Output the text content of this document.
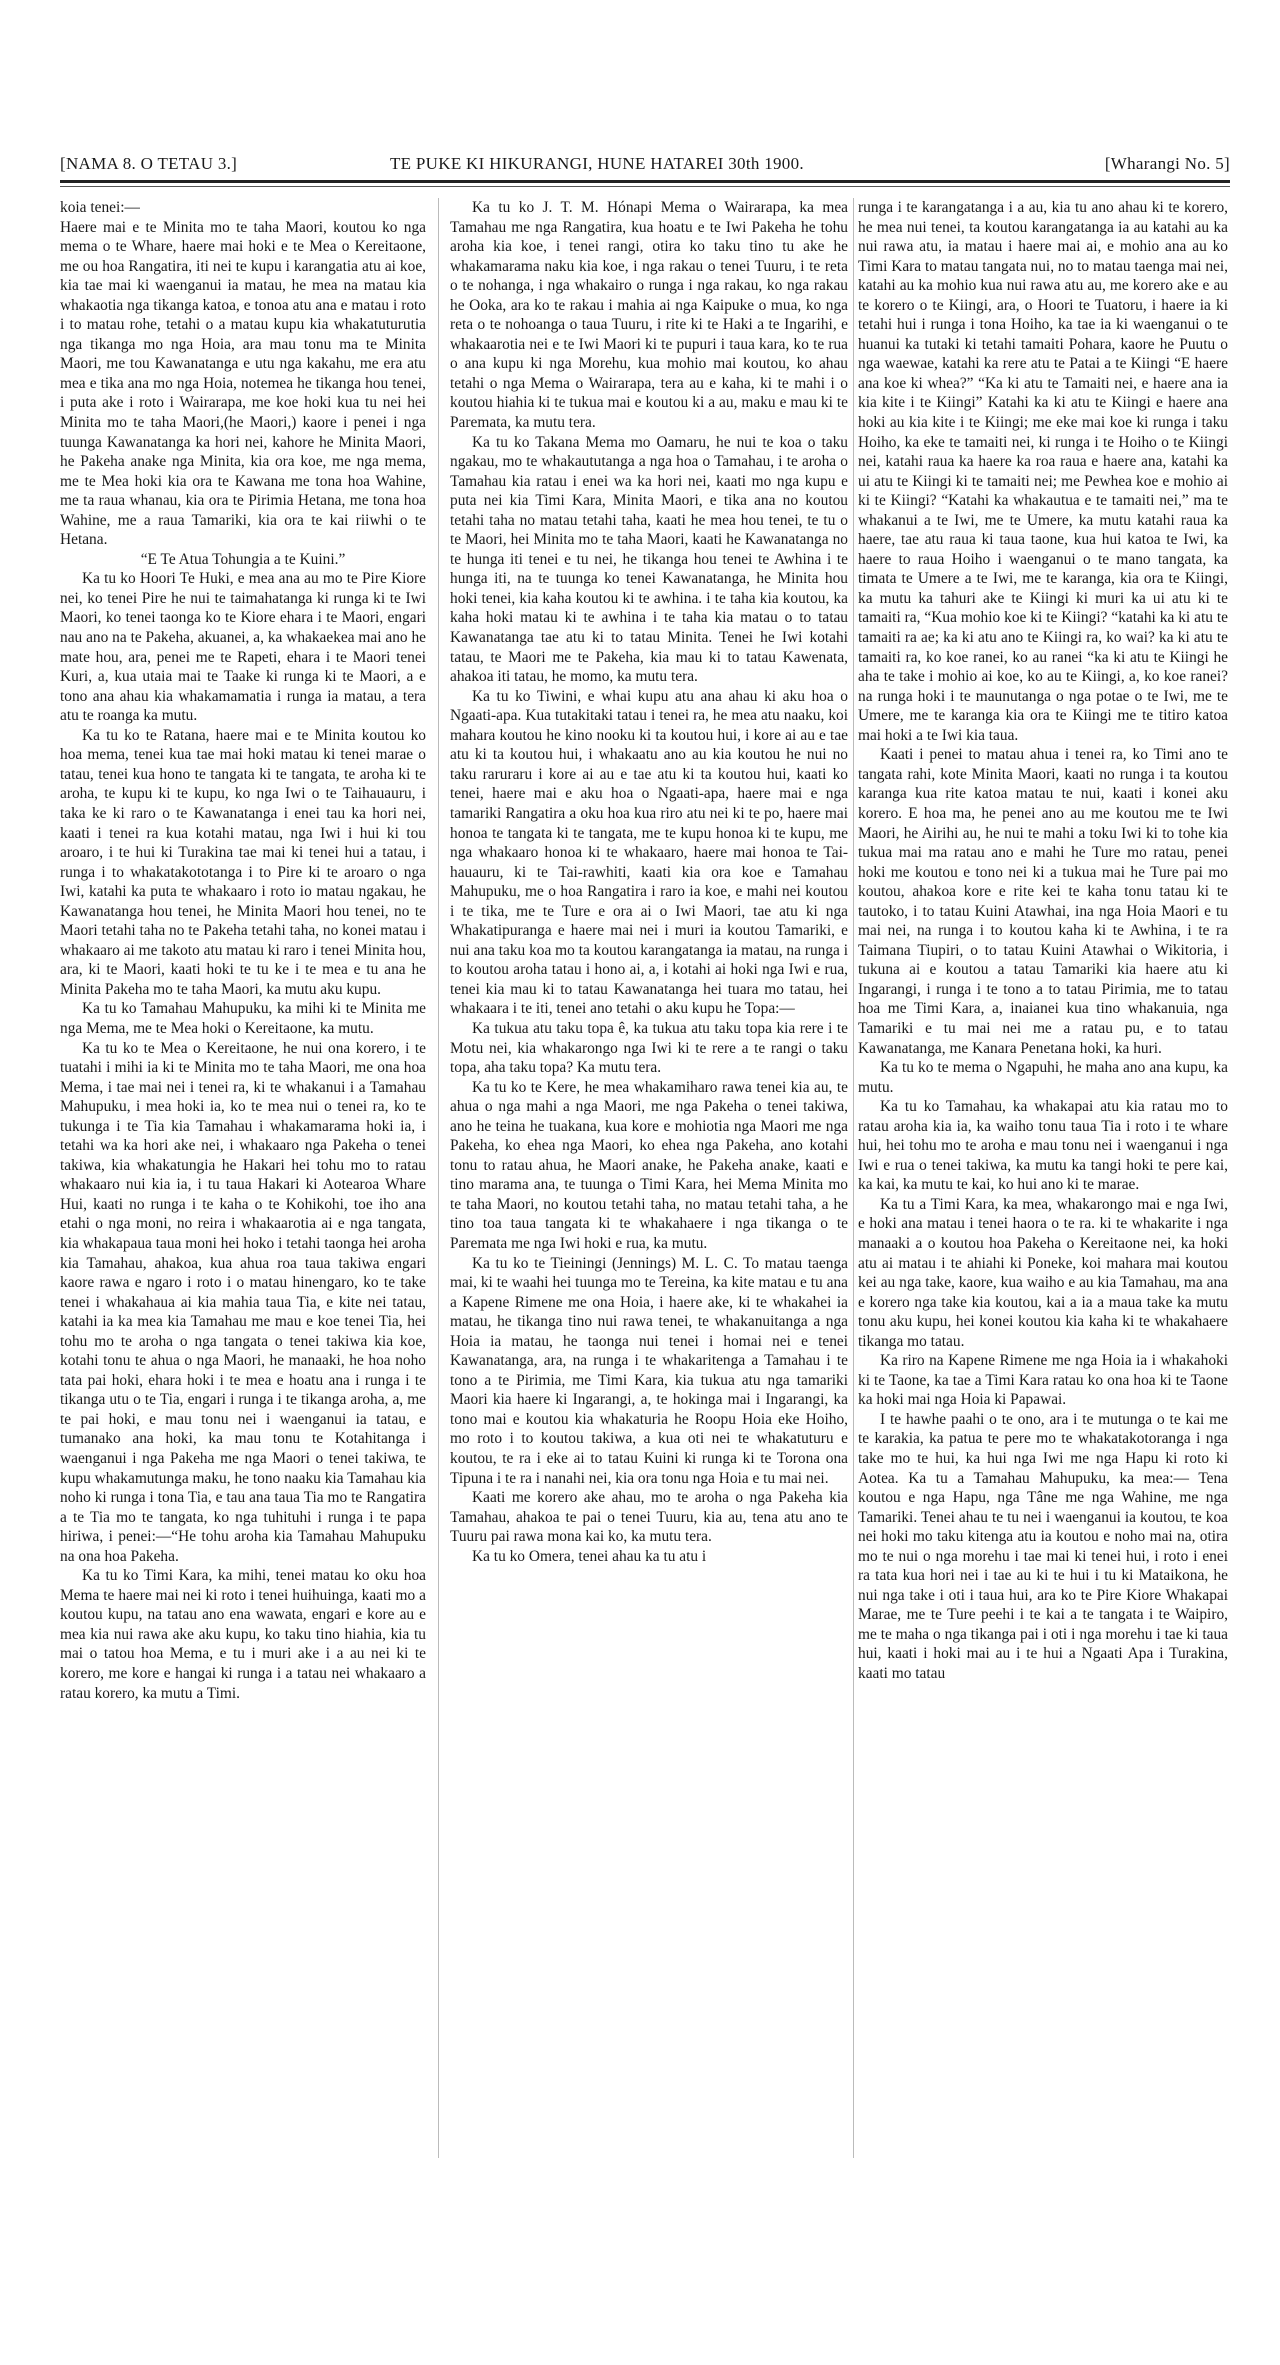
[NAMA 8. O TETAU 3.]	TE PUKE KI HIKURANGI, HUNE HATAREI 30th 1900.	[Wharangi No. 5]

koia tenei:—

Haere mai e te Minita mo te taha Maori, koutou ko nga mema o te Whare, haere mai hoki e te Mea o Kereitaone, me ou hoa Rangatira, iti nei te kupu i karangatia atu ai koe, kia tae mai ki waenganui ia matau, he mea na matau kia whakaotia nga tikanga katoa, e tonoa atu ana e matau i roto i to matau rohe, tetahi o a matau kupu kia whakatuturutia nga tikanga mo nga Hoia, ara mau tonu ma te Minita Maori, me tou Kawanatanga e utu nga kakahu, me era atu mea e tika ana mo nga Hoia, notemea he tikanga hou tenei, i puta ake i roto i Wairarapa, me koe hoki kua tu nei hei Minita mo te taha Maori,(he Maori,) kaore i penei i nga tuunga Kawanatanga ka hori nei, kahore he Minita Maori, he Pakeha anake nga Minita, kia ora koe, me nga mema, me te Mea hoki kia ora te Kawana me tona hoa Wahine, me ta raua whanau, kia ora te Pirimia Hetana, me tona hoa Wahine, me a raua Tamariki, kia ora te kai riiwhi o te Hetana.

“E Te Atua Tohungia a te Kuini.”

Ka tu ko Hoori Te Huki, e mea ana au mo te Pire Kiore nei, ko tenei Pire he nui te taimahatanga ki runga ki te Iwi Maori, ko tenei taonga ko te Kiore ehara i te Maori, engari nau ano na te Pakeha, akuanei, a, ka whakaekea mai ano he mate hou, ara, penei me te Rapeti, ehara i te Maori tenei Kuri, a, kua utaia mai te Taake ki runga ki te Maori, a e tono ana ahau kia whakamamatia i runga ia matau, a tera atu te roanga ka mutu.

Ka tu ko te Ratana, haere mai e te Minita koutou ko hoa mema, tenei kua tae mai hoki matau ki tenei marae o tatau, tenei kua hono te tangata ki te tangata, te aroha ki te aroha, te kupu ki te kupu, ko nga Iwi o te Taihauauru, i taka ke ki raro o te Kawanatanga i enei tau ka hori nei, kaati i tenei ra kua kotahi matau, nga Iwi i hui ki tou aroaro, i te hui ki Turakina tae mai ki tenei hui a tatau, i runga i to whakatakototanga i to Pire ki te aroaro o nga Iwi, katahi ka puta te whakaaro i roto io matau ngakau, he Kawanatanga hou tenei, he Minita Maori hou tenei, no te Maori tetahi taha no te Pakeha tetahi taha, no konei matau i whakaaro ai me takoto atu matau ki raro i tenei Minita hou, ara, ki te Maori, kaati hoki te tu ke i te mea e tu ana he Minita Pakeha mo te taha Maori, ka mutu aku kupu.

Ka tu ko Tamahau Mahupuku, ka mihi ki te Minita me nga Mema, me te Mea hoki o Kereitaone, ka mutu.

Ka tu ko te Mea o Kereitaone, he nui ona korero, i te tuatahi i mihi ia ki te Minita mo te taha Maori, me ona hoa Mema, i tae mai nei i tenei ra, ki te whakanui i a Tamahau Mahupuku, i mea hoki ia, ko te mea nui o tenei ra, ko te tukunga i te Tia kia Tamahau i whakamarama hoki ia, i tetahi wa ka hori ake nei, i whakaaro nga Pakeha o tenei takiwa, kia whakatungia he Hakari hei tohu mo to ratau whakaaro nui kia ia, i tu taua Hakari ki Aotearoa Whare Hui, kaati no runga i te kaha o te Kohikohi, toe iho ana etahi o nga moni, no reira i whakaarotia ai e nga tangata, kia whakapaua taua moni hei hoko i tetahi taonga hei aroha kia Tamahau, ahakoa, kua ahua roa taua takiwa engari kaore rawa e ngaro i roto i o matau hinengaro, ko te take tenei i whakahaua ai kia mahia taua Tia, e kite nei tatau, katahi ia ka mea kia Tamahau me mau e koe tenei Tia, hei tohu mo te aroha o nga tangata o tenei takiwa kia koe, kotahi tonu te ahua o nga Maori, he manaaki, he hoa noho tata pai hoki, ehara hoki i te mea e hoatu ana i runga i te tikanga utu o te Tia, engari i runga i te tikanga aroha, a, me te pai hoki, e mau tonu nei i waenganui ia tatau, e tumanako ana hoki, ka mau tonu te Kotahitanga i waenganui i nga Pakeha me nga Maori o tenei takiwa, te kupu whakamutunga maku, he tono naaku kia Tamahau kia noho ki runga i tona Tia, e tau ana taua Tia mo te Rangatira a te Tia mo te tangata, ko nga tuhituhi i runga i te papa hiriwa, i penei:—“He tohu aroha kia Tamahau Mahupuku na ona hoa Pakeha.

Ka tu ko Timi Kara, ka mihi, tenei matau ko oku hoa Mema te haere mai nei ki roto i tenei huihuinga, kaati mo a koutou kupu, na tatau ano ena wawata, engari e kore au e mea kia nui rawa ake aku kupu, ko taku tino hiahia, kia tu mai o tatou hoa Mema, e tu i muri ake i a au nei ki te korero, me kore e hangai ki runga i a tatau nei whakaaro a ratau korero, ka mutu a Timi.

Ka tu ko J. T. M. Hónapi Mema o Wairarapa, ka mea Tamahau me nga Rangatira, kua hoatu e te Iwi Pakeha he tohu aroha kia koe, i tenei rangi, otira ko taku tino tu ake he whakamarama naku kia koe, i nga rakau o tenei Tuuru, i te reta o te nohanga, i nga whakairo o runga i nga rakau, ko nga rakau he Ooka, ara ko te rakau i mahia ai nga Kaipuke o mua, ko nga reta o te nohoanga o taua Tuuru, i rite ki te Haki a te Ingarihi, e whakaarotia nei e te Iwi Maori ki te pupuri i taua kara, ko te rua o ana kupu ki nga Morehu, kua mohio mai koutou, ko ahau tetahi o nga Mema o Wairarapa, tera au e kaha, ki te mahi i o koutou hiahia ki te tukua mai e koutou ki a au, maku e mau ki te Paremata, ka mutu tera.

Ka tu ko Takana Mema mo Oamaru, he nui te koa o taku ngakau, mo te whakaututanga a nga hoa o Tamahau, i te aroha o Tamahau kia ratau i enei wa ka hori nei, kaati mo nga kupu e puta nei kia Timi Kara, Minita Maori, e tika ana no koutou tetahi taha no matau tetahi taha, kaati he mea hou tenei, te tu o te Maori, hei Minita mo te taha Maori, kaati he Kawanatanga no te hunga iti tenei e tu nei, he tikanga hou tenei te Awhina i te hunga iti, na te tuunga ko tenei Kawanatanga, he Minita hou hoki tenei, kia kaha koutou ki te awhina. i te taha kia koutou, ka kaha hoki matau ki te awhina i te taha kia matau o to tatau Kawanatanga tae atu ki to tatau Minita. Tenei he Iwi kotahi tatau, te Maori me te Pakeha, kia mau ki to tatau Kawenata, ahakoa iti tatau, he momo, ka mutu tera.

Ka tu ko Tiwini, e whai kupu atu ana ahau ki aku hoa o Ngaati-apa. Kua tutakitaki tatau i tenei ra, he mea atu naaku, koi mahara koutou he kino nooku ki ta koutou hui, i kore ai au e tae atu ki ta koutou hui, i whakaatu ano au kia koutou he nui no taku raruraru i kore ai au e tae atu ki ta koutou hui, kaati ko tenei, haere mai e aku hoa o Ngaati-apa, haere mai e nga tamariki Rangatira a oku hoa kua riro atu nei ki te po, haere mai honoa te tangata ki te tangata, me te kupu honoa ki te kupu, me nga whakaaro honoa ki te whakaaro, haere mai honoa te Tai-hauauru, ki te Tai-rawhiti, kaati kia ora koe e Tamahau Mahupuku, me o hoa Rangatira i raro ia koe, e mahi nei koutou i te tika, me te Ture e ora ai o Iwi Maori, tae atu ki nga Whakatipuranga e haere mai nei i muri ia koutou Tamariki, e nui ana taku koa mo ta koutou karangatanga ia matau, na runga i to koutou aroha tatau i hono ai, a, i kotahi ai hoki nga Iwi e rua, tenei kia mau ki to tatau Kawanatanga hei tuara mo tatau, hei whakaara i te iti, tenei ano tetahi o aku kupu he Topa:—

Ka tukua atu taku topa ê, ka tukua atu taku topa kia rere i te Motu nei, kia whakarongo nga Iwi ki te rere a te rangi o taku topa, aha taku topa? Ka mutu tera.

Ka tu ko te Kere, he mea whakamiharo rawa tenei kia au, te ahua o nga mahi a nga Maori, me nga Pakeha o tenei takiwa, ano he teina he tuakana, kua kore e mohiotia nga Maori me nga Pakeha, ko ehea nga Maori, ko ehea nga Pakeha, ano kotahi tonu to ratau ahua, he Maori anake, he Pakeha anake, kaati e tino marama ana, te tuunga o Timi Kara, hei Mema Minita mo te taha Maori, no koutou tetahi taha, no matau tetahi taha, a he tino toa taua tangata ki te whakahaere i nga tikanga o te Paremata me nga Iwi hoki e rua, ka mutu.

Ka tu ko te Tieiningi (Jennings) M. L. C. To matau taenga mai, ki te waahi hei tuunga mo te Tereina, ka kite matau e tu ana a Kapene Rimene me ona Hoia, i haere ake, ki te whakahei ia matau, he tikanga tino nui rawa tenei, te whakanuitanga a nga Hoia ia matau, he taonga nui tenei i homai nei e tenei Kawanatanga, ara, na runga i te whakaritenga a Tamahau i te tono a te Pirimia, me Timi Kara, kia tukua atu nga tamariki Maori kia haere ki Ingarangi, a, te hokinga mai i Ingarangi, ka tono mai e koutou kia whakaturia he Roopu Hoia eke Hoiho, mo roto i to koutou takiwa, a kua oti nei te whakatuturu e koutou, te ra i eke ai to tatau Kuini ki runga ki te Torona ona Tipuna i te ra i nanahi nei, kia ora tonu nga Hoia e tu mai nei.

Kaati me korero ake ahau, mo te aroha o nga Pakeha kia Tamahau, ahakoa te pai o tenei Tuuru, kia au, tena atu ano te Tuuru pai rawa mona kai ko, ka mutu tera.

Ka tu ko Omera, tenei ahau ka tu atu i

runga i te karangatanga i a au, kia tu ano ahau ki te korero, he mea nui tenei, ta koutou karangatanga ia au katahi au ka nui rawa atu, ia matau i haere mai ai, e mohio ana au ko Timi Kara to matau tangata nui, no to matau taenga mai nei, katahi au ka mohio kua nui rawa atu au, me korero ake e au te korero o te Kiingi, ara, o Hoori te Tuatoru, i haere ia ki tetahi hui i runga i tona Hoiho, ka tae ia ki waenganui o te huanui ka tutaki ki tetahi tamaiti Pohara, kaore he Puutu o nga waewae, katahi ka rere atu te Patai a te Kiingi “E haere ana koe ki whea?” “Ka ki atu te Tamaiti nei, e haere ana ia kia kite i te Kiingi” Katahi ka ki atu te Kiingi e haere ana hoki au kia kite i te Kiingi; me eke mai koe ki runga i taku Hoiho, ka eke te tamaiti nei, ki runga i te Hoiho o te Kiingi nei, katahi raua ka haere ka roa raua e haere ana, katahi ka ui atu te Kiingi ki te tamaiti nei; me Pewhea koe e mohio ai ki te Kiingi? “Katahi ka whakautua e te tamaiti nei,” ma te whakanui a te Iwi, me te Umere, ka mutu katahi raua ka haere, tae atu raua ki taua taone, kua hui katoa te Iwi, ka haere to raua Hoiho i waenganui o te mano tangata, ka timata te Umere a te Iwi, me te karanga, kia ora te Kiingi, ka mutu ka tahuri ake te Kiingi ki muri ka ui atu ki te tamaiti ra, “Kua mohio koe ki te Kiingi? “katahi ka ki atu te tamaiti ra ae; ka ki atu ano te Kiingi ra, ko wai? ka ki atu te tamaiti ra, ko koe ranei, ko au ranei “ka ki atu te Kiingi he aha te take i mohio ai koe, ko au te Kiingi, a, ko koe ranei? na runga hoki i te maunutanga o nga potae o te Iwi, me te Umere, me te karanga kia ora te Kiingi me te titiro katoa mai hoki a te Iwi kia taua.

Kaati i penei to matau ahua i tenei ra, ko Timi ano te tangata rahi, kote Minita Maori, kaati no runga i ta koutou karanga kua rite katoa matau te nui, kaati i konei aku korero. E hoa ma, he penei ano au me koutou me te Iwi Maori, he Airihi au, he nui te mahi a toku Iwi ki to tohe kia tukua mai ma ratau ano e mahi he Ture mo ratau, penei hoki me koutou e tono nei ki a tukua mai he Ture pai mo koutou, ahakoa kore e rite kei te kaha tonu tatau ki te tautoko, i to tatau Kuini Atawhai, ina nga Hoia Maori e tu mai nei, na runga i to koutou kaha ki te Awhina, i te ra Taimana Tiupiri, o to tatau Kuini Atawhai o Wikitoria, i tukuna ai e koutou a tatau Tamariki kia haere atu ki Ingarangi, i runga i te tono a to tatau Pirimia, me to tatau hoa me Timi Kara, a, inaianei kua tino whakanuia, nga Tamariki e tu mai nei me a ratau pu, e to tatau Kawanatanga, me Kanara Penetana hoki, ka huri.

Ka tu ko te mema o Ngapuhi, he maha ano ana kupu, ka mutu.

Ka tu ko Tamahau, ka whakapai atu kia ratau mo to ratau aroha kia ia, ka waiho tonu taua Tia i roto i te whare hui, hei tohu mo te aroha e mau tonu nei i waenganui i nga Iwi e rua o tenei takiwa, ka mutu ka tangi hoki te pere kai, ka kai, ka mutu te kai, ko hui ano ki te marae.

Ka tu a Timi Kara, ka mea, whakarongo mai e nga Iwi, e hoki ana matau i tenei haora o te ra. ki te whakarite i nga manaaki a o koutou hoa Pakeha o Kereitaone nei, ka hoki atu ai matau i te ahiahi ki Poneke, koi mahara mai koutou kei au nga take, kaore, kua waiho e au kia Tamahau, ma ana e korero nga take kia koutou, kai a ia a maua take ka mutu tonu aku kupu, hei konei koutou kia kaha ki te whakahaere tikanga mo tatau.

Ka riro na Kapene Rimene me nga Hoia ia i whakahoki ki te Taone, ka tae a Timi Kara ratau ko ona hoa ki te Taone ka hoki mai nga Hoia ki Papawai.

I te hawhe paahi o te ono, ara i te mutunga o te kai me te karakia, ka patua te pere mo te whakatakotoranga i nga take mo te hui, ka hui nga Iwi me nga Hapu ki roto ki Aotea. Ka tu a Tamahau Mahupuku, ka mea:— Tena koutou e nga Hapu, nga Tâne me nga Wahine, me nga Tamariki. Tenei ahau te tu nei i waenganui ia koutou, te koa nei hoki mo taku kitenga atu ia koutou e noho mai na, otira mo te nui o nga morehu i tae mai ki tenei hui, i roto i enei ra tata kua hori nei i tae au ki te hui i tu ki Mataikona, he nui nga take i oti i taua hui, ara ko te Pire Kiore Whakapai Marae, me te Ture peehi i te kai a te tangata i te Waipiro, me te maha o nga tikanga pai i oti i nga morehu i tae ki taua hui, kaati i hoki mai au i te hui a Ngaati Apa i Turakina, kaati mo tatau
